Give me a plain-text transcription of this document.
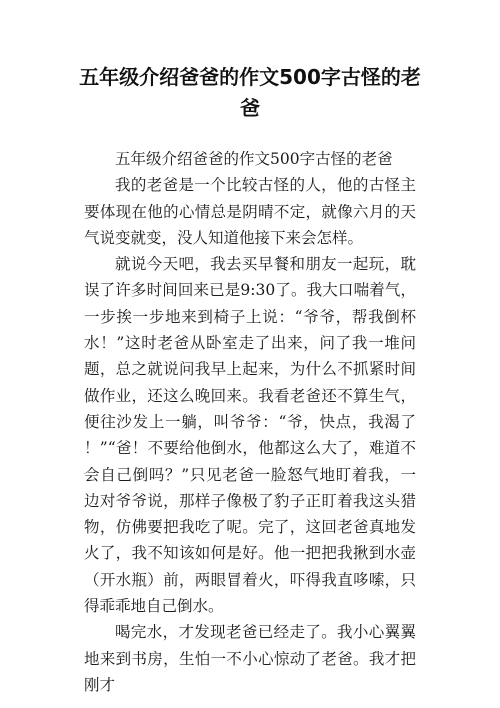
五年级介绍爸爸的作文500字古怪的老爸

五年级介绍爸爸的作文500字古怪的老爸

我的老爸是一个比较古怪的人，他的古怪主要体现在他的心情总是阴晴不定，就像六月的天气说变就变，没人知道他接下来会怎样。

就说今天吧，我去买早餐和朋友一起玩，耽误了许多时间回来已是9:30了。我大口喘着气，一步挨一步地来到椅子上说：“爷爷，帮我倒杯水！”这时老爸从卧室走了出来，问了我一堆问题，总之就说问我早上起来，为什么不抓紧时间做作业，还这么晚回来。我看老爸还不算生气，便往沙发上一躺，叫爷爷：“爷，快点，我渴了！”“爸！不要给他倒水，他都这么大了，难道不会自己倒吗？”只见老爸一脸怒气地盯着我，一边对爷爷说，那样子像极了豹子正盯着我这头猎物，仿佛要把我吃了呢。完了，这回老爸真地发火了，我不知该如何是好。他一把把我揪到水壶（开水瓶）前，两眼冒着火，吓得我直哆嗦，只得乖乖地自己倒水。

喝完水，才发现老爸已经走了。我小心翼翼地来到书房，生怕一不小心惊动了老爸。我才把刚才
